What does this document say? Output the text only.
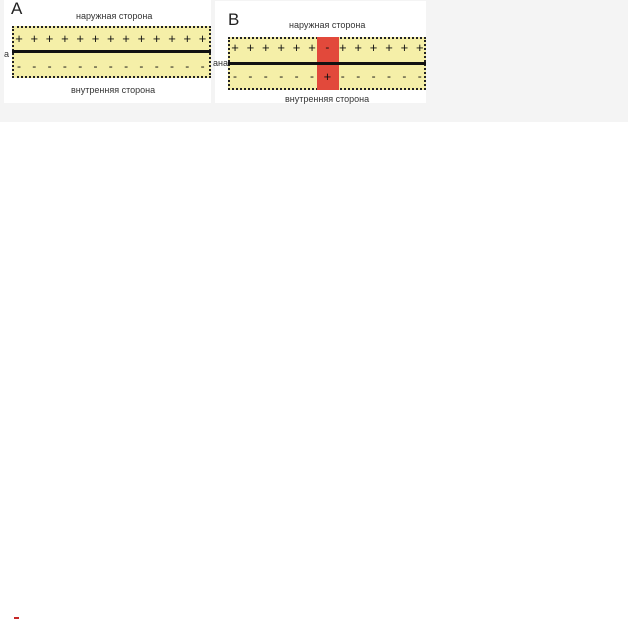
A	наружная сторона
а
+ + + + + + + + + + + + +
- - - - - - - - - - - - -
внутренняя сторона
B	наружная сторона
ана
+ + + + + + - + + + + + +
- - - - - - + - - - - - -
внутренняя сторона
